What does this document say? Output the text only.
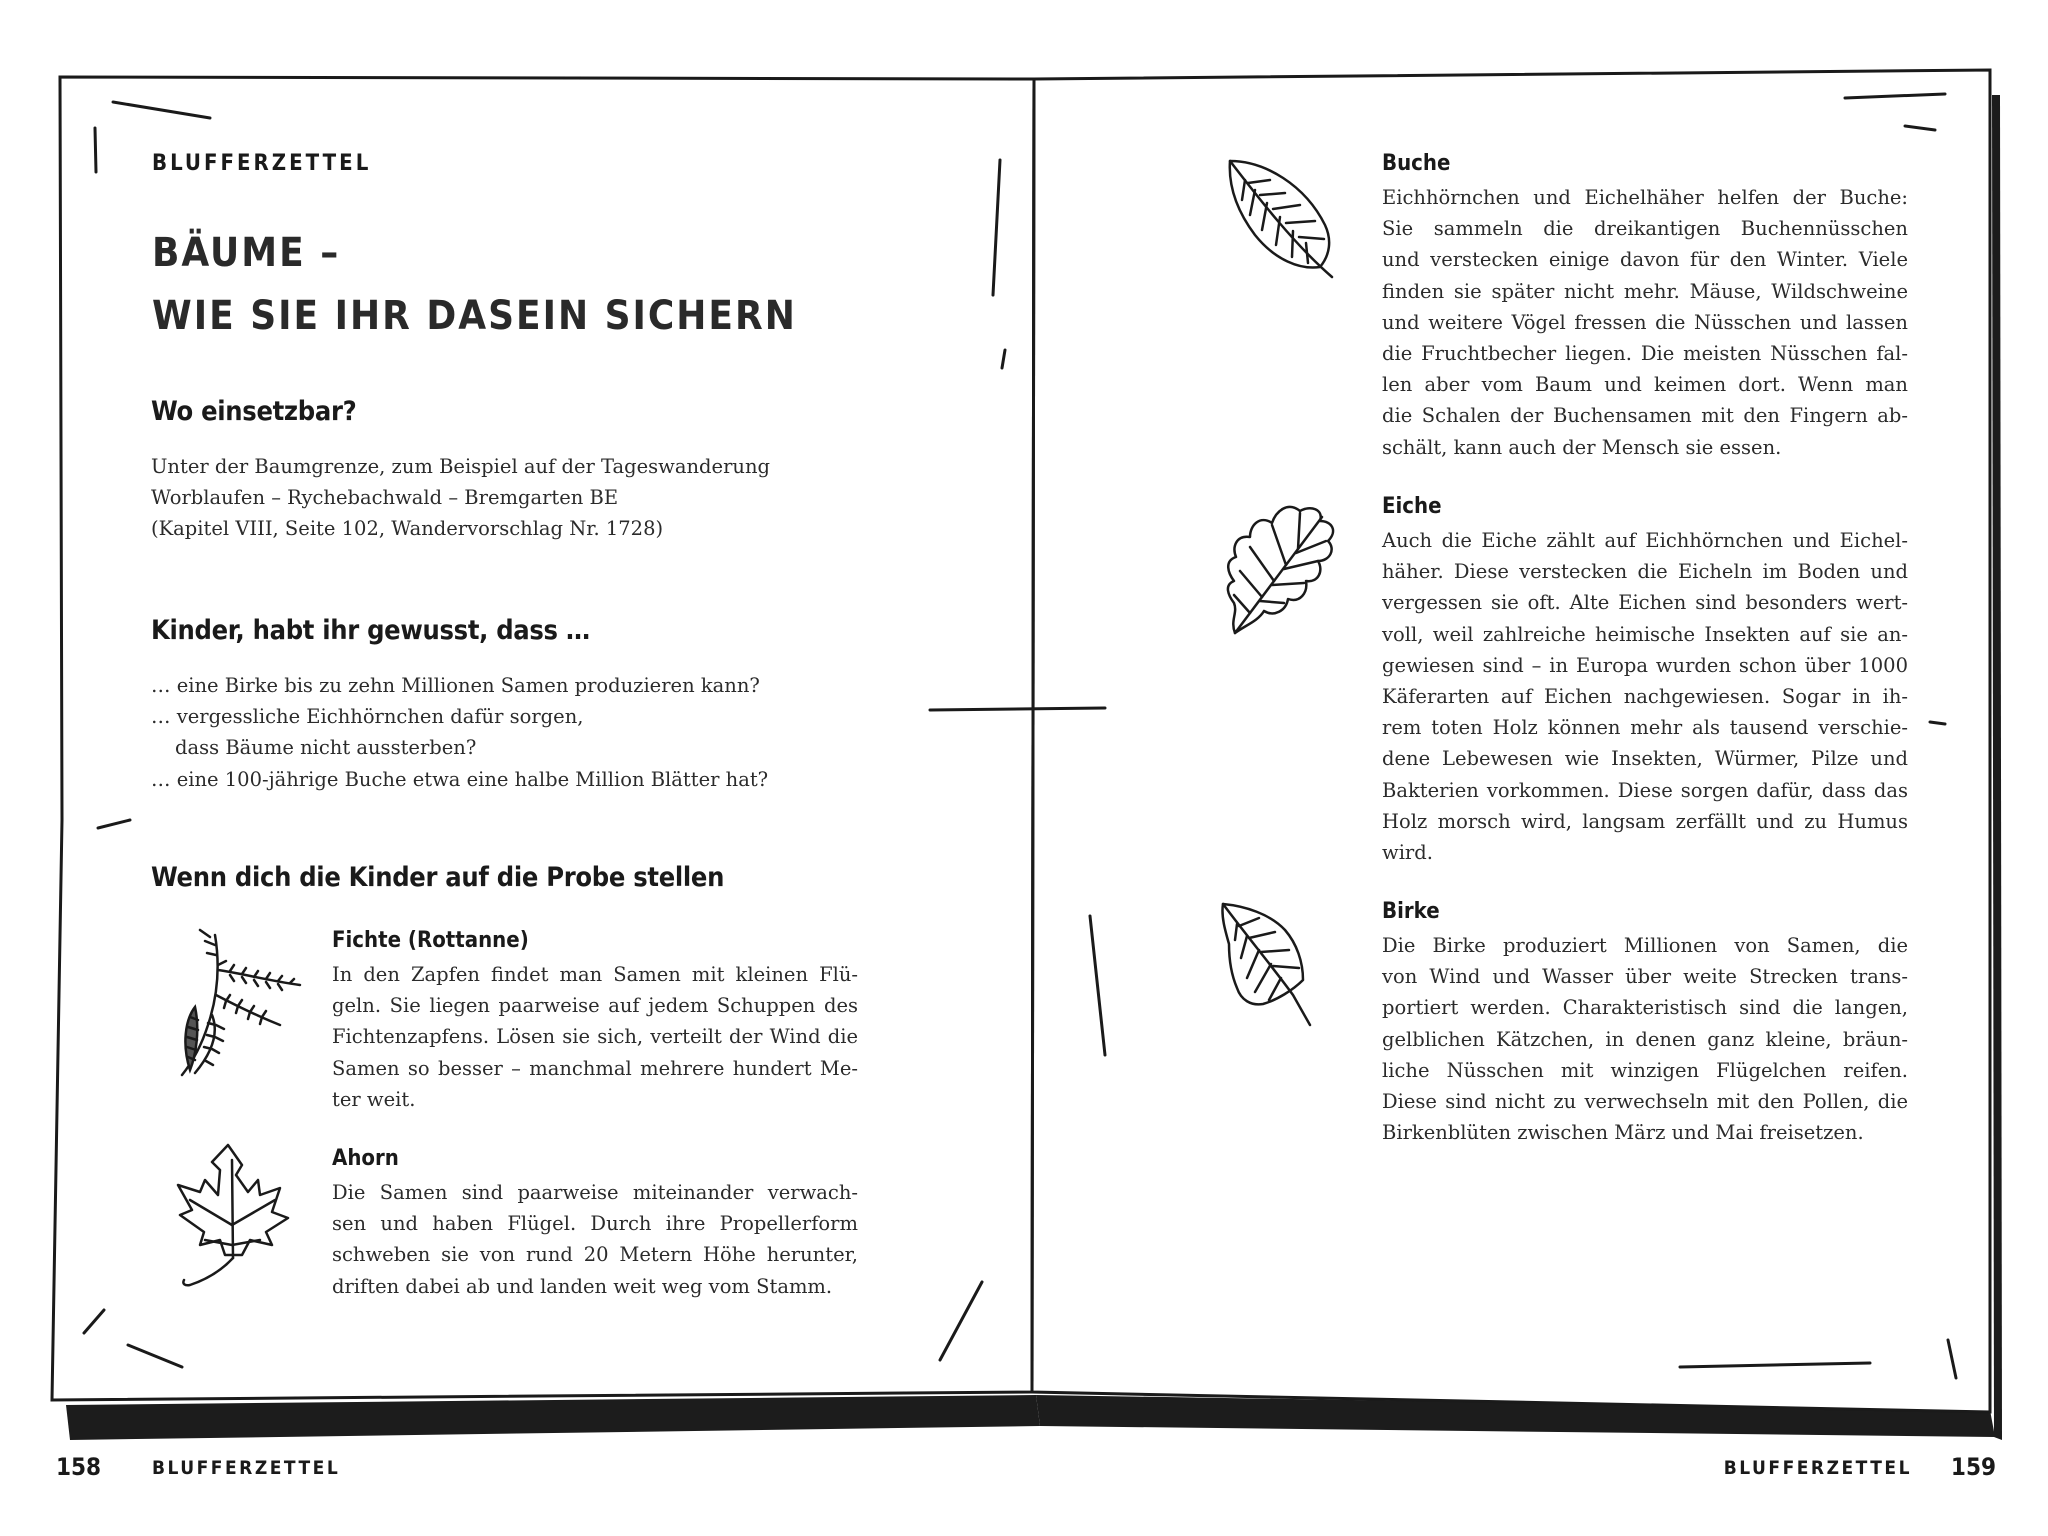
BLUFFERZETTEL
BÄUME –
WIE SIE IHR DASEIN SICHERN
Wo einsetzbar?
Unter der Baumgrenze, zum Beispiel auf der Tageswanderung
Worblaufen – Rychebachwald – Bremgarten BE
(Kapitel VIII, Seite 102, Wandervorschlag Nr. 1728)
Kinder, habt ihr gewusst, dass …
… eine Birke bis zu zehn Millionen Samen produzieren kann?
… vergessliche Eichhörnchen dafür sorgen,
dass Bäume nicht aussterben?
… eine 100-jährige Buche etwa eine halbe Million Blätter hat?
Wenn dich die Kinder auf die Probe stellen
Fichte (Rottanne)
In den Zapfen findet man Samen mit kleinen Flü-
geln. Sie liegen paarweise auf jedem Schuppen des
Fichtenzapfens. Lösen sie sich, verteilt der Wind die
Samen so besser – manchmal mehrere hundert Me-
ter weit.
Ahorn
Die Samen sind paarweise miteinander verwach-
sen und haben Flügel. Durch ihre Propellerform
schweben sie von rund 20 Metern Höhe herunter,
driften dabei ab und landen weit weg vom Stamm.
Buche
Eichhörnchen und Eichelhäher helfen der Buche:
Sie sammeln die dreikantigen Buchennüsschen
und verstecken einige davon für den Winter. Viele
finden sie später nicht mehr. Mäuse, Wildschweine
und weitere Vögel fressen die Nüsschen und lassen
die Fruchtbecher liegen. Die meisten Nüsschen fal-
len aber vom Baum und keimen dort. Wenn man
die Schalen der Buchensamen mit den Fingern ab-
schält, kann auch der Mensch sie essen.
Eiche
Auch die Eiche zählt auf Eichhörnchen und Eichel-
häher. Diese verstecken die Eicheln im Boden und
vergessen sie oft. Alte Eichen sind besonders wert-
voll, weil zahlreiche heimische Insekten auf sie an-
gewiesen sind – in Europa wurden schon über 1000
Käferarten auf Eichen nachgewiesen. Sogar in ih-
rem toten Holz können mehr als tausend verschie-
dene Lebewesen wie Insekten, Würmer, Pilze und
Bakterien vorkommen. Diese sorgen dafür, dass das
Holz morsch wird, langsam zerfällt und zu Humus
wird.
Birke
Die Birke produziert Millionen von Samen, die
von Wind und Wasser über weite Strecken trans-
portiert werden. Charakteristisch sind die langen,
gelblichen Kätzchen, in denen ganz kleine, bräun-
liche Nüsschen mit winzigen Flügelchen reifen.
Diese sind nicht zu verwechseln mit den Pollen, die
Birkenblüten zwischen März und Mai freisetzen.
158	BLUFFERZETTEL	BLUFFERZETTEL 159
